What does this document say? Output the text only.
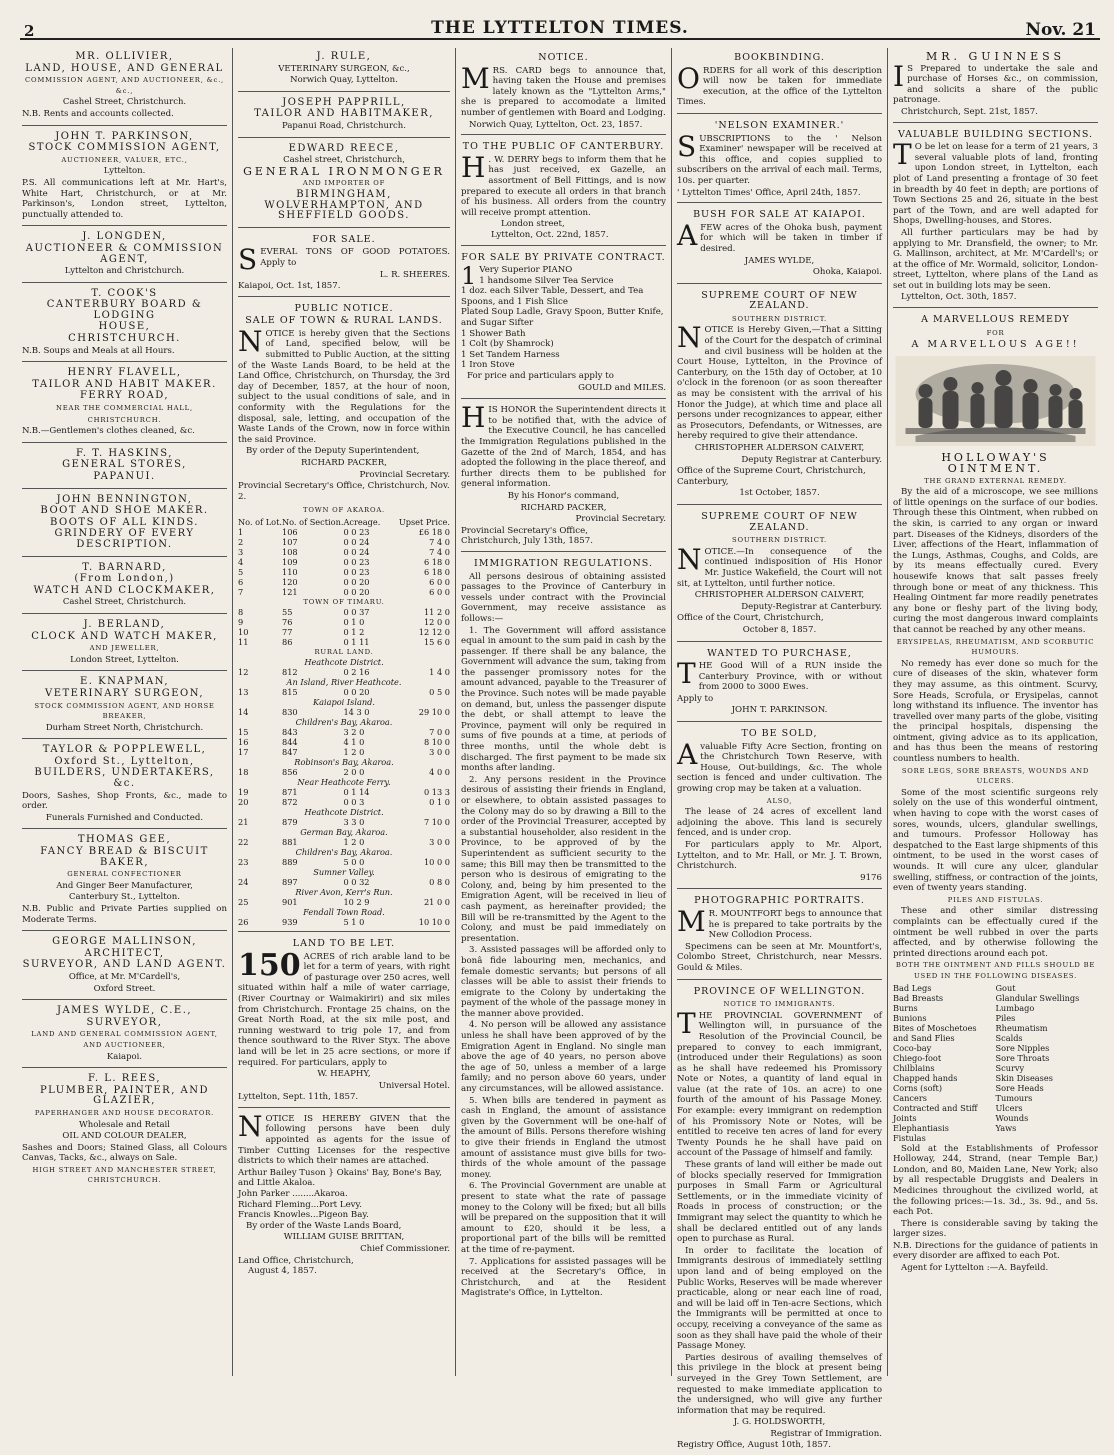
2	THE LYTTELTON TIMES.	Nov. 21
MR. OLLIVIER,
LAND, HOUSE, AND GENERAL
COMMISSION AGENT, AND AUCTIONEER, &c., &c.,
Cashel Street, Christchurch.

N.B. Rents and accounts collected.

JOHN T. PARKINSON,
STOCK COMMISSION AGENT,
AUCTIONEER, VALUER, ETC.,
Lyttelton.

P.S. All communications left at Mr. Hart's, White Hart, Christchurch, or at Mr. Parkinson's, London street, Lyttelton, punctually attended to.

J. LONGDEN,
AUCTIONEER & COMMISSION AGENT,
Lyttelton and Christchurch.
T. COOK'S
CANTERBURY BOARD & LODGING
HOUSE,
CHRISTCHURCH.

N.B. Soups and Meals at all Hours.

HENRY FLAVELL,
TAILOR AND HABIT MAKER.
FERRY ROAD,
NEAR THE COMMERCIAL HALL,
CHRISTCHURCH.

N.B.—Gentlemen's clothes cleaned, &c.

F. T. HASKINS,
GENERAL STORES,
PAPANUI.
JOHN BENNINGTON,
BOOT AND SHOE MAKER.
BOOTS OF ALL KINDS.
GRINDERY OF EVERY DESCRIPTION.
T. BARNARD,
(From London,)
WATCH AND CLOCKMAKER,
Cashel Street, Christchurch.
J. BERLAND,
CLOCK AND WATCH MAKER,
AND JEWELLER,
London Street, Lyttelton.
E. KNAPMAN,
VETERINARY SURGEON,
STOCK COMMISSION AGENT, AND HORSE BREAKER,
Durham Street North, Christchurch.
TAYLOR & POPPLEWELL,
Oxford St., Lyttelton,
BUILDERS, UNDERTAKERS, &c.

Doors, Sashes, Shop Fronts, &c., made to order.

Funerals Furnished and Conducted.
THOMAS GEE,
FANCY BREAD & BISCUIT BAKER,
GENERAL CONFECTIONER
And Ginger Beer Manufacturer,
Canterbury St., Lyttelton.

N.B. Public and Private Parties supplied on Moderate Terms.

GEORGE MALLINSON,
ARCHITECT,
SURVEYOR, AND LAND AGENT.
Office, at Mr. M'Cardell's,
Oxford Street.
JAMES WYLDE, C.E.,
SURVEYOR,
LAND AND GENERAL COMMISSION AGENT, AND AUCTIONEER,
Kaiapoi.
F. L. REES,
PLUMBER, PAINTER, AND GLAZIER,
PAPERHANGER AND HOUSE DECORATOR.
Wholesale and Retail
OIL AND COLOUR DEALER,

Sashes and Doors; Stained Glass, all Colours Canvas, Tacks, &c., always on Sale.

HIGH STREET AND MANCHESTER STREET, CHRISTCHURCH.
J. RULE,
VETERINARY SURGEON, &c.,
Norwich Quay, Lyttelton.
JOSEPH PAPPRILL,
TAILOR AND HABITMAKER,
Papanui Road, Christchurch.
EDWARD REECE,
Cashel street, Christchurch,
GENERAL IRONMONGER
AND IMPORTER OF
BIRMINGHAM, WOLVERHAMPTON, AND SHEFFIELD GOODS.
FOR SALE.

SEVERAL TONS OF GOOD POTATOES. Apply to

L. R. SHEERES.
Kaiapoi, Oct. 1st, 1857.
PUBLIC NOTICE.
SALE OF TOWN & RURAL LANDS.

NOTICE is hereby given that the Sections of Land, specified below, will be submitted to Public Auction, at the sitting of the Waste Lands Board, to be held at the Land Office, Christchurch, on Thursday, the 3rd day of December, 1857, at the hour of noon, subject to the usual conditions of sale, and in conformity with the Regulations for the disposal, sale, letting, and occupation of the Waste Lands of the Crown, now in force within the said Province.

By order of the Deputy Superintendent,
RICHARD PACKER,
Provincial Secretary.
Provincial Secretary's Office, Christchurch, Nov. 2.
TOWN OF AKAROA.
No. of Lot.	No. of Section.	Acreage.	Upset Price.
1	106	0 0 23	£6 18 0
2	107	0 0 24	7 4 0
3	108	0 0 24	7 4 0
4	109	0 0 23	6 18 0
5	110	0 0 23	6 18 0
6	120	0 0 20	6 0 0
7	121	0 0 20	6 0 0
TOWN OF TIMARU.			
8	55	0 0 37	11 2 0
9	76	0 1 0	12 0 0
10	77	0 1 2	12 12 0
11	86	0 1 11	15 6 0
RURAL LAND.			
Heathcote District.			
12	812	0 2 16	1 4 0
An Island, River Heathcote.			
13	815	0 0 20	0 5 0
Kaiapoi Island.			
14	830	14 3 0	29 10 0
Children's Bay, Akaroa.			
15	843	3 2 0	7 0 0
16	844	4 1 0	8 10 0
17	847	1 2 0	3 0 0
Robinson's Bay, Akaroa.			
18	856	2 0 0	4 0 0
Near Heathcote Ferry.			
19	871	0 1 14	0 13 3
20	872	0 0 3	0 1 0
Heathcote District.			
21	879	3 3 0	7 10 0
German Bay, Akaroa.			
22	881	1 2 0	3 0 0
Children's Bay, Akaroa.			
23	889	5 0 0	10 0 0
Sumner Valley.			
24	897	0 0 32	0 8 0
River Avon, Kerr's Run.			
25	901	10 2 9	21 0 0
Fendall Town Road.			
26	939	5 1 0	10 10 0
LAND TO BE LET.

150 ACRES of rich arable land to be let for a term of years, with right of pasturage over 250 acres, well situated within half a mile of water carriage, (River Courtnay or Waimakiriri) and six miles from Christchurch. Frontage 25 chains, on the Great North Road, at the six mile post, and running westward to trig pole 17, and from thence southward to the River Styx. The above land will be let in 25 acre sections, or more if required. For particulars, apply to

W. HEAPHY,
Universal Hotel.
Lyttelton, Sept. 11th, 1857.

NOTICE IS HEREBY GIVEN that the following persons have been duly appointed as agents for the issue of Timber Cutting Licenses for the respective districts to which their names are attached.

Arthur Bailey Tuson } Okains' Bay, Bone's Bay, and Little Akaloa.
John Parker ........Akaroa.
Richard Fleming...Port Levy.
Francis Knowles...Pigeon Bay.
By order of the Waste Lands Board,
WILLIAM GUISE BRITTAN,
Chief Commissioner.
Land Office, Christchurch,
August 4, 1857.
NOTICE.

MRS. CARD begs to announce that, having taken the House and premises lately known as the "Lyttelton Arms," she is prepared to accomodate a limited number of gentlemen with Board and Lodging.

Norwich Quay, Lyttelton, Oct. 23, 1857.
TO THE PUBLIC OF CANTERBURY.

H . W. DERRY begs to inform them that he has just received, ex Gazelle, an assortment of Bell Fittings, and is now prepared to execute all orders in that branch of his business. All orders from the country will receive prompt attention.

London street,
Lyttelton, Oct. 22nd, 1857.
FOR SALE BY PRIVATE CONTRACT.
1 Very Superior PIANO
1 handsome Silver Tea Service
1 doz. each Silver Table, Dessert, and Tea Spoons, and 1 Fish Slice
Plated Soup Ladle, Gravy Spoon, Butter Knife, and Sugar Sifter
1 Shower Bath
1 Colt (by Shamrock)
1 Set Tandem Harness
1 Iron Stove
For price and particulars apply to
GOULD and MILES.

HIS HONOR the Superintendent directs it to be notified that, with the advice of the Executive Council, he has cancelled the Immigration Regulations published in the Gazette of the 2nd of March, 1854, and has adopted the following in the place thereof, and further directs them to be published for general information.

By his Honor's command,
RICHARD PACKER,
Provincial Secretary.
Provincial Secretary's Office,
Christchurch, July 13th, 1857.
IMMIGRATION REGULATIONS.

All persons desirous of obtaining assisted passages to the Province of Canterbury in vessels under contract with the Provincial Government, may receive assistance as follows:—

1. The Government will afford assistance equal in amount to the sum paid in cash by the passenger. If there shall be any balance, the Government will advance the sum, taking from the passenger promissory notes for the amount advanced, payable to the Treasurer of the Province. Such notes will be made payable on demand, but, unless the passenger dispute the debt, or shall attempt to leave the Province, payment will only be required in sums of five pounds at a time, at periods of three months, until the whole debt is discharged. The first payment to be made six months after landing.

2. Any persons resident in the Province desirous of assisting their friends in England, or elsewhere, to obtain assisted passages to the Colony may do so by drawing a Bill to the order of the Provincial Treasurer, accepted by a substantial householder, also resident in the Province, to be approved of by the Superintendent as sufficient security to the same; this Bill may then be transmitted to the person who is desirous of emigrating to the Colony, and, being by him presented to the Emigration Agent, will be received in lieu of cash payment, as hereinafter provided; the Bill will be re-transmitted by the Agent to the Colony, and must be paid immediately on presentation.

3. Assisted passages will be afforded only to bonâ fide labouring men, mechanics, and female domestic servants; but persons of all classes will be able to assist their friends to emigrate to the Colony by undertaking the payment of the whole of the passage money in the manner above provided.

4. No person will be allowed any assistance unless he shall have been approved of by the Emigration Agent in England. No single man above the age of 40 years, no person above the age of 50, unless a member of a large family; and no person above 60 years, under any circumstances, will be allowed assistance.

5. When bills are tendered in payment as cash in England, the amount of assistance given by the Government will be one-half of the amount of Bills. Persons therefore wishing to give their friends in England the utmost amount of assistance must give bills for two-thirds of the whole amount of the passage money.

6. The Provincial Government are unable at present to state what the rate of passage money to the Colony will be fixed; but all bills will be prepared on the supposition that it will amount to £20, should it be less, a proportional part of the bills will be remitted at the time of re-payment.

7. Applications for assisted passages will be received at the Secretary's Office, in Christchurch, and at the Resident Magistrate's Office, in Lyttelton.

BOOKBINDING.

ORDERS for all work of this description will now be taken for immediate execution, at the office of the Lyttelton Times.

'NELSON EXAMINER.'

SUBSCRIPTIONS to the ' Nelson Examiner' newspaper will be received at this office, and copies supplied to subscribers on the arrival of each mail. Terms, 10s. per quarter.

' Lyttelton Times' Office, April 24th, 1857.
BUSH FOR SALE AT KAIAPOI.

AFEW acres of the Ohoka bush, payment for which will be taken in timber if desired.

JAMES WYLDE,
Ohoka, Kaiapoi.
SUPREME COURT OF NEW ZEALAND.
SOUTHERN DISTRICT.

NOTICE is Hereby Given,—That a Sitting of the Court for the despatch of criminal and civil business will be holden at the Court House, Lyttelton, in the Province of Canterbury, on the 15th day of October, at 10 o'clock in the forenoon (or as soon thereafter as may be consistent with the arrival of his Honor the Judge), at which time and place all persons under recognizances to appear, either as Prosecutors, Defendants, or Witnesses, are hereby required to give their attendance.

CHRISTOPHER ALDERSON CALVERT,
Deputy Registrar at Canterbury.
Office of the Supreme Court, Christchurch, Canterbury,
1st October, 1857.
SUPREME COURT OF NEW ZEALAND.
SOUTHERN DISTRICT.

NOTICE.—In consequence of the continued indisposition of His Honor Mr. Justice Wakefield, the Court will not sit, at Lyttelton, until further notice.

CHRISTOPHER ALDERSON CALVERT,
Deputy-Registrar at Canterbury.
Office of the Court, Christchurch,
October 8, 1857.
WANTED TO PURCHASE,

THE Good Will of a RUN inside the Canterbury Province, with or without from 2000 to 3000 Ewes.

Apply to
JOHN T. PARKINSON.
TO BE SOLD,

Avaluable Fifty Acre Section, fronting on the Christchurch Town Reserve, with House, Out-buildings, &c. The whole section is fenced and under cultivation. The growing crop may be taken at a valuation.

ALSO,

The lease of 24 acres of excellent land adjoining the above. This land is securely fenced, and is under crop.

For particulars apply to Mr. Alport, Lyttelton, and to Mr. Hall, or Mr. J. T. Brown, Christchurch.

9176
PHOTOGRAPHIC PORTRAITS.

M R. MOUNTFORT begs to announce that he is prepared to take portraits by the New Collodion Process.

Specimens can be seen at Mr. Mountfort's, Colombo Street, Christchurch, near Messrs. Gould & Miles.

PROVINCE OF WELLINGTON.
NOTICE TO IMMIGRANTS.

THE PROVINCIAL GOVERNMENT of Wellington will, in pursuance of the Resolution of the Provincial Council, be prepared to convey to each immigrant, (introduced under their Regulations) as soon as he shall have redeemed his Promissory Note or Notes, a quantity of land equal in value (at the rate of 10s. an acre) to one fourth of the amount of his Passage Money. For example: every immigrant on redemption of his Promissory Note or Notes, will be entitled to receive ten acres of land for every Twenty Pounds he he shall have paid on account of the Passage of himself and family.

These grants of land will either be made out of blocks specially reserved for Immigration purposes in Small Farm or Agricultural Settlements, or in the immediate vicinity of Roads in process of construction; or the Immigrant may select the quantity to which he shall be declared entitled out of any lands open to purchase as Rural.

In order to facilitate the location of Immigrants desirous of immediately settling upon land and of being employed on the Public Works, Reserves will be made wherever practicable, along or near each line of road, and will be laid off in Ten-acre Sections, which the Immigrants will be permitted at once to occupy, receiving a conveyance of the same as soon as they shall have paid the whole of their Passage Money.

Parties desirous of availing themselves of this privilege in the block at present being surveyed in the Grey Town Settlement, are requested to make immediate application to the undersigned, who will give any further information that may be required.

J. G. HOLDSWORTH,
Registrar of Immigration.
Registry Office, August 10th, 1857.
MR. GUINNESS

I S Prepared to undertake the sale and purchase of Horses &c., on commission, and solicits a share of the public patronage.

Christchurch, Sept. 21st, 1857.
VALUABLE BUILDING SECTIONS.

T O be let on lease for a term of 21 years, 3 several valuable plots of land, fronting upon London street, in Lyttelton, each plot of Land presenting a frontage of 30 feet in breadth by 40 feet in depth; are portions of Town Sections 25 and 26, situate in the best part of the Town, and are well adapted for Shops, Dwelling-houses, and Stores.

All further particulars may be had by applying to Mr. Dransfield, the owner; to Mr. G. Mallinson, architect, at Mr. M'Cardell's; or at the office of Mr. Wormald, solicitor, London-street, Lyttelton, where plans of the Land as set out in building lots may be seen.

Lyttelton, Oct. 30th, 1857.
A MARVELLOUS REMEDY
FOR
A MARVELLOUS AGE!!
HOLLOWAY'S OINTMENT.
THE GRAND EXTERNAL REMEDY.

By the aid of a microscope, we see millions of little openings on the surface of our bodies. Through these this Ointment, when rubbed on the skin, is carried to any organ or inward part. Diseases of the Kidneys, disorders of the Liver, affections of the Heart, inflammation of the Lungs, Asthmas, Coughs, and Colds, are by its means effectually cured. Every housewife knows that salt passes freely through bone or meat of any thickness. This Healing Ointment far more readily penetrates any bone or fleshy part of the living body, curing the most dangerous inward complaints that cannot be reached by any other means.

ERYSIPELAS, RHEUMATISM, AND SCORBUTIC HUMOURS.

No remedy has ever done so much for the cure of diseases of the skin, whatever form they may assume, as this ointment. Scurvy, Sore Heads, Scrofula, or Erysipelas, cannot long withstand its influence. The inventor has travelled over many parts of the globe, visiting the principal hospitals, dispensing the ointment, giving advice as to its application, and has thus been the means of restoring countless numbers to health.

SORE LEGS, SORE BREASTS, WOUNDS AND ULCERS.

Some of the most scientific surgeons rely solely on the use of this wonderful ointment, when having to cope with the worst cases of sores, wounds, ulcers, glandular swellings, and tumours. Professor Holloway has despatched to the East large shipments of this ointment, to be used in the worst cases of wounds. It will cure any ulcer, glandular swelling, stiffness, or contraction of the joints, even of twenty years standing.

PILES AND FISTULAS.

These and other similar distressing complaints can be effectually cured if the ointment be well rubbed in over the parts affected, and by otherwise following the printed directions around each pot.

BOTH THE OINTMENT AND PILLS SHOULD BE USED IN THE FOLLOWING DISEASES.
Bad Legs	Gout
Bad Breasts	Glandular Swellings
Burns	Lumbago
Bunions	Piles
Bites of Moschetoes	Rheumatism
and Sand Flies	Scalds
Coco-bay	Sore Nipples
Chiego-foot	Sore Throats
Chilblains	Scurvy
Chapped hands	Skin Diseases
Corns (soft)	Sore Heads
Cancers	Tumours
Contracted and Stiff	Ulcers
Joints	Wounds
Elephantiasis	Yaws
Fistulas	

Sold at the Establishments of Professor Holloway, 244, Strand, (near Temple Bar,) London, and 80, Maiden Lane, New York; also by all respectable Druggists and Dealers in Medicines throughout the civilized world, at the following prices:—1s. 3d., 3s. 9d., and 5s. each Pot.

There is considerable saving by taking the larger sizes.

N.B. Directions for the guidance of patients in every disorder are affixed to each Pot.

Agent for Lyttelton :—A. Bayfeild.
